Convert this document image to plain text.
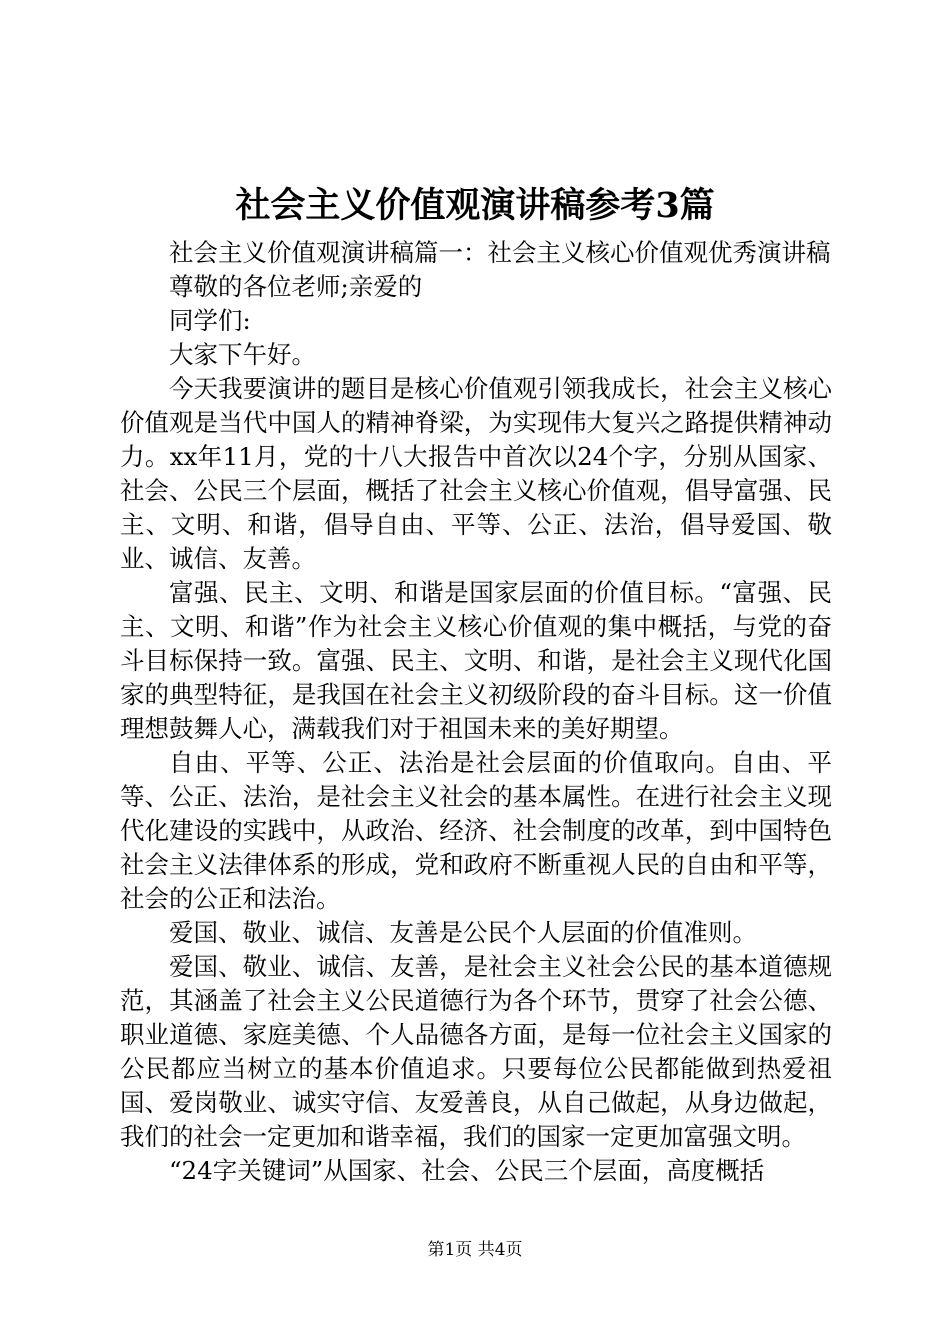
社会主义价值观演讲稿参考3篇

社会主义价值观演讲稿篇一：社会主义核心价值观优秀演讲稿

尊敬的各位老师;亲爱的

同学们:

大家下午好。

今天我要演讲的题目是核心价值观引领我成长，社会主义核心价值观是当代中国人的精神脊梁，为实现伟大复兴之路提供精神动力。xx年11月，党的十八大报告中首次以24个字，分别从国家、社会、公民三个层面，概括了社会主义核心价值观，倡导富强、民主、文明、和谐，倡导自由、平等、公正、法治，倡导爱国、敬业、诚信、友善。

富强、民主、文明、和谐是国家层面的价值目标。“富强、民主、文明、和谐”作为社会主义核心价值观的集中概括，与党的奋斗目标保持一致。富强、民主、文明、和谐，是社会主义现代化国家的典型特征，是我国在社会主义初级阶段的奋斗目标。这一价值理想鼓舞人心，满载我们对于祖国未来的美好期望。

自由、平等、公正、法治是社会层面的价值取向。自由、平等、公正、法治，是社会主义社会的基本属性。在进行社会主义现代化建设的实践中，从政治、经济、社会制度的改革，到中国特色社会主义法律体系的形成，党和政府不断重视人民的自由和平等，社会的公正和法治。

爱国、敬业、诚信、友善是公民个人层面的价值准则。

爱国、敬业、诚信、友善，是社会主义社会公民的基本道德规范，其涵盖了社会主义公民道德行为各个环节，贯穿了社会公德、职业道德、家庭美德、个人品德各方面，是每一位社会主义国家的公民都应当树立的基本价值追求。只要每位公民都能做到热爱祖国、爱岗敬业、诚实守信、友爱善良，从自己做起，从身边做起，我们的社会一定更加和谐幸福，我们的国家一定更加富强文明。

“24字关键词”从国家、社会、公民三个层面，高度概括

第1页 共4页
